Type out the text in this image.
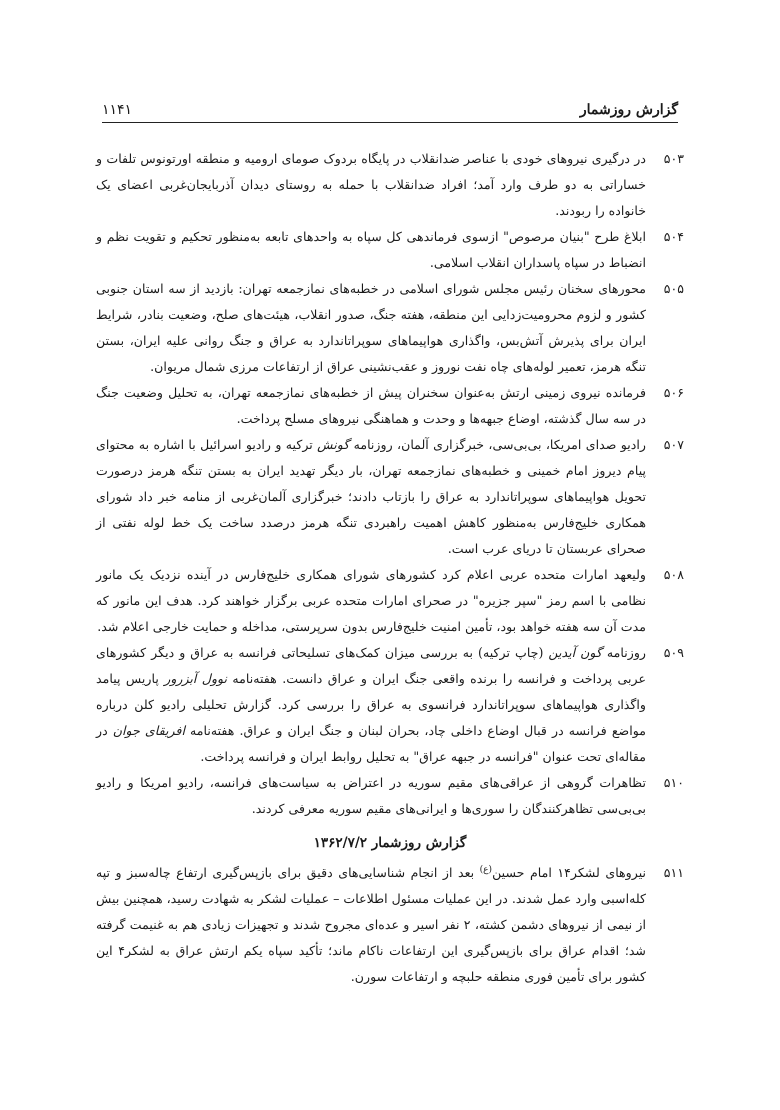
گزارش روزشمار
۱۱۴۱
۵۰۳
در درگیری نیروهای خودی با عناصر ضدانقلاب در پایگاه بردوک صومای ارومیه و منطقه اورتونوس تلفات و خساراتی به دو طرف وارد آمد؛ افراد ضدانقلاب با حمله به روستای دیدان آذربایجان‌غربی اعضای یک خانواده را ربودند.
۵۰۴
ابلاغ طرح "بنیان مرصوص" ازسوی فرماندهی کل سپاه به واحدهای تابعه به‌منظور تحکیم و تقویت نظم و انضباط در سپاه پاسداران انقلاب اسلامی.
۵۰۵
محورهای سخنان رئیس مجلس شورای اسلامی در خطبه‌های نمازجمعه تهران: بازدید از سه استان جنوبی کشور و لزوم محرومیت‌زدایی این منطقه، هفته جنگ، صدور انقلاب، هیئت‌های صلح، وضعیت بنادر، شرایط ایران برای پذیرش آتش‌بس، واگذاری هواپیماهای سوپراتاندارد به عراق و جنگ روانی علیه ایران، بستن تنگه هرمز، تعمیر لوله‌های چاه نفت نوروز و عقب‌نشینی عراق از ارتفاعات مرزی شمال مریوان.
۵۰۶
فرمانده نیروی زمینی ارتش به‌عنوان سخنران پیش از خطبه‌های نمازجمعه تهران، به تحلیل وضعیت جنگ در سه سال گذشته، اوضاع جبهه‌ها و وحدت و هماهنگی نیروهای مسلح پرداخت.
۵۰۷
رادیو صدای امریکا، بی‌بی‌سی، خبرگزاری آلمان، روزنامه گونش ترکیه و رادیو اسرائیل با اشاره به محتوای پیام دیروز امام خمینی و خطبه‌های نمازجمعه تهران، بار دیگر تهدید ایران به بستن تنگه هرمز درصورت تحویل هواپیماهای سوپراتاندارد به عراق را بازتاب دادند؛ خبرگزاری آلمان‌غربی از منامه خبر داد شورای همکاری خلیج‌فارس به‌منظور کاهش اهمیت راهبردی تنگه هرمز درصدد ساخت یک خط لوله نفتی از صحرای عربستان تا دریای عرب است.
۵۰۸
ولیعهد امارات متحده عربی اعلام کرد کشورهای شورای همکاری خلیج‌فارس در آینده نزدیک یک مانور نظامی با اسم رمز "سپر جزیره" در صحرای امارات متحده عربی برگزار خواهند کرد. هدف این مانور که مدت آن سه هفته خواهد بود، تأمین امنیت خلیج‌فارس بدون سرپرستی، مداخله و حمایت خارجی اعلام شد.
۵۰۹
روزنامه گون آیدین (چاپ ترکیه) به بررسی میزان کمک‌های تسلیحاتی فرانسه به عراق و دیگر کشورهای عربی پرداخت و فرانسه را برنده واقعی جنگ ایران و عراق دانست. هفته‌نامه نوول آبزرور پاریس پیامد واگذاری هواپیماهای سوپراتاندارد فرانسوی به عراق را بررسی کرد. گزارش تحلیلی رادیو کلن درباره مواضع فرانسه در قبال اوضاع داخلی چاد، بحران لبنان و جنگ ایران و عراق. هفته‌نامه افریقای جوان در مقاله‌ای تحت عنوان "فرانسه در جبهه عراق" به تحلیل روابط ایران و فرانسه پرداخت.
۵۱۰
تظاهرات گروهی از عراقی‌های مقیم سوریه در اعتراض به سیاست‌های فرانسه، رادیو امریکا و رادیو بی‌بی‌سی تظاهرکنندگان را سوری‌ها و ایرانی‌های مقیم سوریه معرفی کردند.
گزارش روزشمار ۱۳۶۲/۷/۲
۵۱۱
نیروهای لشکر۱۴ امام حسین$^{(ع)}$ بعد از انجام شناسایی‌های دقیق برای بازپس‌گیری ارتفاع چاله‌سبز و تپه کله‌اسبی وارد عمل شدند. در این عملیات مسئول اطلاعات – عملیات لشکر به شهادت رسید، همچنین بیش از نیمی از نیروهای دشمن کشته، ۲ نفر اسیر و عده‌ای مجروح شدند و تجهیزات زیادی هم به غنیمت گرفته شد؛ اقدام عراق برای بازپس‌گیری این ارتفاعات ناکام ماند؛ تأکید سپاه یکم ارتش عراق به لشکر۴ این کشور برای تأمین فوری منطقه حلبچه و ارتفاعات سورن.
